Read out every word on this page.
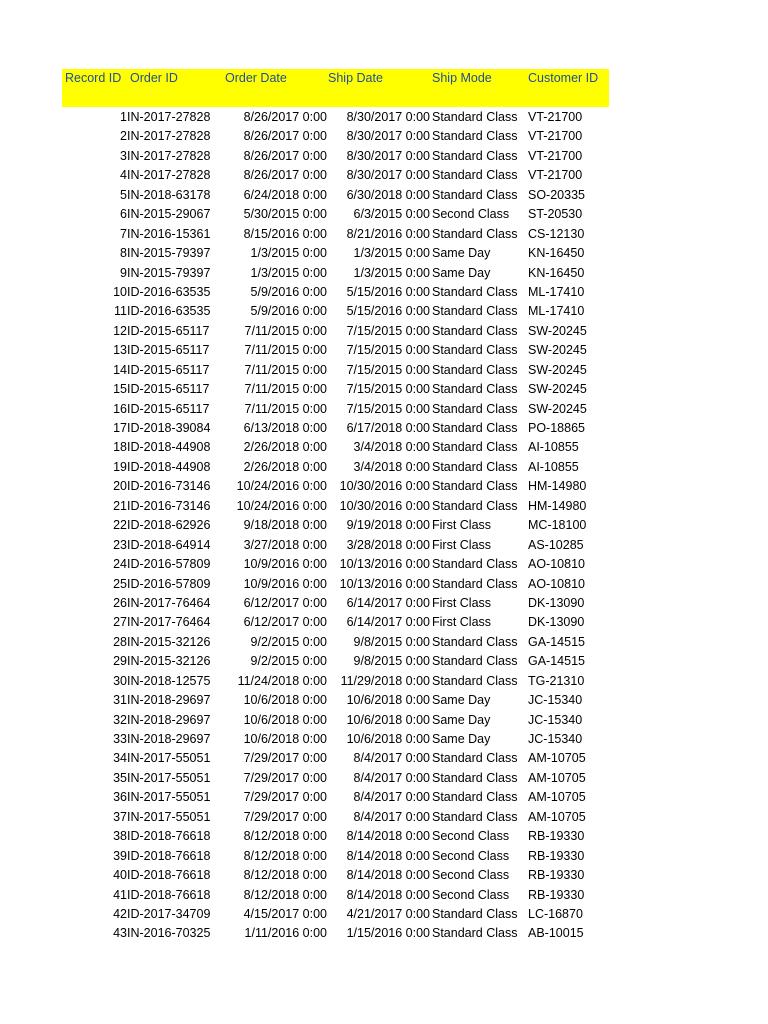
Record ID Order ID	Order Date	Ship Date	Ship Mode	Customer ID
1 IN-2017-27828	8/26/2017 0:00 8/30/2017 0:00 Standard Class VT-21700
2 IN-2017-27828	8/26/2017 0:00 8/30/2017 0:00 Standard Class VT-21700
3 IN-2017-27828	8/26/2017 0:00 8/30/2017 0:00 Standard Class VT-21700
4 IN-2017-27828	8/26/2017 0:00 8/30/2017 0:00 Standard Class VT-21700
5 IN-2018-63178	6/24/2018 0:00 6/30/2018 0:00 Standard Class SO-20335
6 IN-2015-29067	5/30/2015 0:00 6/3/2015 0:00 Second Class ST-20530
7 IN-2016-15361	8/15/2016 0:00 8/21/2016 0:00 Standard Class CS-12130
8 IN-2015-79397	1/3/2015 0:00 1/3/2015 0:00 Same Day	KN-16450
9 IN-2015-79397	1/3/2015 0:00 1/3/2015 0:00 Same Day	KN-16450
10 ID-2016-63535	5/9/2016 0:00 5/15/2016 0:00 Standard Class ML-17410
11 ID-2016-63535	5/9/2016 0:00 5/15/2016 0:00 Standard Class ML-17410
12 ID-2015-65117	7/11/2015 0:00 7/15/2015 0:00 Standard Class SW-20245
13 ID-2015-65117	7/11/2015 0:00 7/15/2015 0:00 Standard Class SW-20245
14 ID-2015-65117	7/11/2015 0:00 7/15/2015 0:00 Standard Class SW-20245
15 ID-2015-65117	7/11/2015 0:00 7/15/2015 0:00 Standard Class SW-20245
16 ID-2015-65117	7/11/2015 0:00 7/15/2015 0:00 Standard Class SW-20245
17 ID-2018-39084	6/13/2018 0:00 6/17/2018 0:00 Standard Class PO-18865
18 ID-2018-44908	2/26/2018 0:00 3/4/2018 0:00 Standard Class AI-10855
19 ID-2018-44908	2/26/2018 0:00 3/4/2018 0:00 Standard Class AI-10855
20 ID-2016-73146 10/24/2016 0:00 10/30/2016 0:00 Standard Class HM-14980
21 ID-2016-73146 10/24/2016 0:00 10/30/2016 0:00 Standard Class HM-14980
22 ID-2018-62926	9/18/2018 0:00 9/19/2018 0:00 First Class	MC-18100
23 ID-2018-64914	3/27/2018 0:00 3/28/2018 0:00 First Class	AS-10285
24 ID-2016-57809	10/9/2016 0:00 10/13/2016 0:00 Standard Class AO-10810
25 ID-2016-57809	10/9/2016 0:00 10/13/2016 0:00 Standard Class AO-10810
26 IN-2017-76464	6/12/2017 0:00 6/14/2017 0:00 First Class	DK-13090
27 IN-2017-76464	6/12/2017 0:00 6/14/2017 0:00 First Class	DK-13090
28 IN-2015-32126	9/2/2015 0:00 9/8/2015 0:00 Standard Class GA-14515
29 IN-2015-32126	9/2/2015 0:00 9/8/2015 0:00 Standard Class GA-14515
30 IN-2018-12575 11/24/2018 0:00 11/29/2018 0:00 Standard Class TG-21310
31 IN-2018-29697	10/6/2018 0:00 10/6/2018 0:00 Same Day	JC-15340
32 IN-2018-29697	10/6/2018 0:00 10/6/2018 0:00 Same Day	JC-15340
33 IN-2018-29697	10/6/2018 0:00 10/6/2018 0:00 Same Day	JC-15340
34 IN-2017-55051	7/29/2017 0:00 8/4/2017 0:00 Standard Class AM-10705
35 IN-2017-55051	7/29/2017 0:00 8/4/2017 0:00 Standard Class AM-10705
36 IN-2017-55051	7/29/2017 0:00 8/4/2017 0:00 Standard Class AM-10705
37 IN-2017-55051	7/29/2017 0:00 8/4/2017 0:00 Standard Class AM-10705
38 ID-2018-76618	8/12/2018 0:00 8/14/2018 0:00 Second Class RB-19330
39 ID-2018-76618	8/12/2018 0:00 8/14/2018 0:00 Second Class RB-19330
40 ID-2018-76618	8/12/2018 0:00 8/14/2018 0:00 Second Class RB-19330
41 ID-2018-76618	8/12/2018 0:00 8/14/2018 0:00 Second Class RB-19330
42 ID-2017-34709	4/15/2017 0:00 4/21/2017 0:00 Standard Class LC-16870
43 IN-2016-70325	1/11/2016 0:00 1/15/2016 0:00 Standard Class AB-10015
